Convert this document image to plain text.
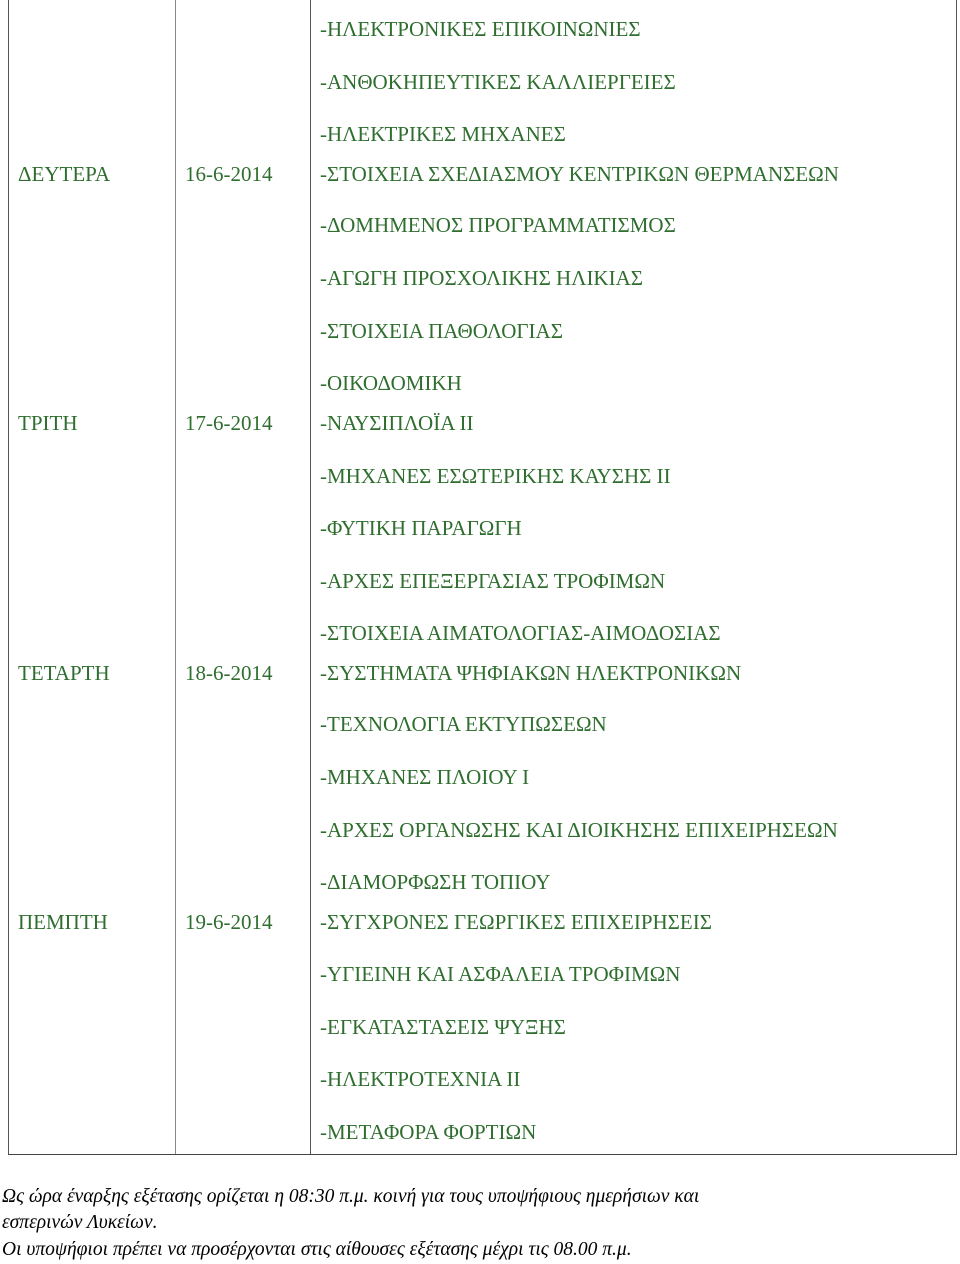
-ΗΛΕΚΤΡΟΝΙΚΕΣ ΕΠΙΚΟΙΝΩΝΙΕΣ
-ΑΝΘΟΚΗΠΕΥΤΙΚΕΣ ΚΑΛΛΙΕΡΓΕΙΕΣ
-ΗΛΕΚΤΡΙΚΕΣ ΜΗΧΑΝΕΣ
ΔΕΥΤΕΡΑ	16-6-2014 -ΣΤΟΙΧΕΙΑ ΣΧΕΔΙΑΣΜΟΥ ΚΕΝΤΡΙΚΩΝ ΘΕΡΜΑΝΣΕΩΝ
-ΔΟΜΗΜΕΝΟΣ ΠΡΟΓΡΑΜΜΑΤΙΣΜΟΣ
-ΑΓΩΓΗ ΠΡΟΣΧΟΛΙΚΗΣ ΗΛΙΚΙΑΣ
-ΣΤΟΙΧΕΙΑ ΠΑΘΟΛΟΓΙΑΣ
-ΟΙΚΟΔΟΜΙΚΗ
ΤΡΙΤΗ	17-6-2014 -ΝΑΥΣΙΠΛΟΪΑ ΙΙ
-ΜΗΧΑΝΕΣ ΕΣΩΤΕΡΙΚΗΣ ΚΑΥΣΗΣ ΙΙ
-ΦΥΤΙΚΗ ΠΑΡΑΓΩΓΗ
-ΑΡΧΕΣ ΕΠΕΞΕΡΓΑΣΙΑΣ ΤΡΟΦΙΜΩΝ
-ΣΤΟΙΧΕΙΑ ΑΙΜΑΤΟΛΟΓΙΑΣ-ΑΙΜΟΔΟΣΙΑΣ
ΤΕΤΑΡΤΗ	18-6-2014 -ΣΥΣΤΗΜΑΤΑ ΨΗΦΙΑΚΩΝ ΗΛΕΚΤΡΟΝΙΚΩΝ
-ΤΕΧΝΟΛΟΓΙΑ ΕΚΤΥΠΩΣΕΩΝ
-ΜΗΧΑΝΕΣ ΠΛΟΙΟΥ Ι
-ΑΡΧΕΣ ΟΡΓΑΝΩΣΗΣ ΚΑΙ ΔΙΟΙΚΗΣΗΣ ΕΠΙΧΕΙΡΗΣΕΩΝ
-ΔΙΑΜΟΡΦΩΣΗ ΤΟΠΙΟΥ
ΠΕΜΠΤΗ	19-6-2014 -ΣΥΓΧΡΟΝΕΣ ΓΕΩΡΓΙΚΕΣ ΕΠΙΧΕΙΡΗΣΕΙΣ
-ΥΓΙΕΙΝΗ ΚΑΙ ΑΣΦΑΛΕΙΑ ΤΡΟΦΙΜΩΝ
-ΕΓΚΑΤΑΣΤΑΣΕΙΣ ΨΥΞΗΣ
-ΗΛΕΚΤΡΟΤΕΧΝΙΑ ΙΙ
-ΜΕΤΑΦΟΡΑ ΦΟΡΤΙΩΝ
Ως ώρα έναρξης εξέτασης ορίζεται η 08:30 π.μ. κοινή για τους υποψήφιους ημερήσιων και
εσπερινών Λυκείων.
Οι υποψήφιοι πρέπει να προσέρχονται στις αίθουσες εξέτασης μέχρι τις 08.00 π.μ.
